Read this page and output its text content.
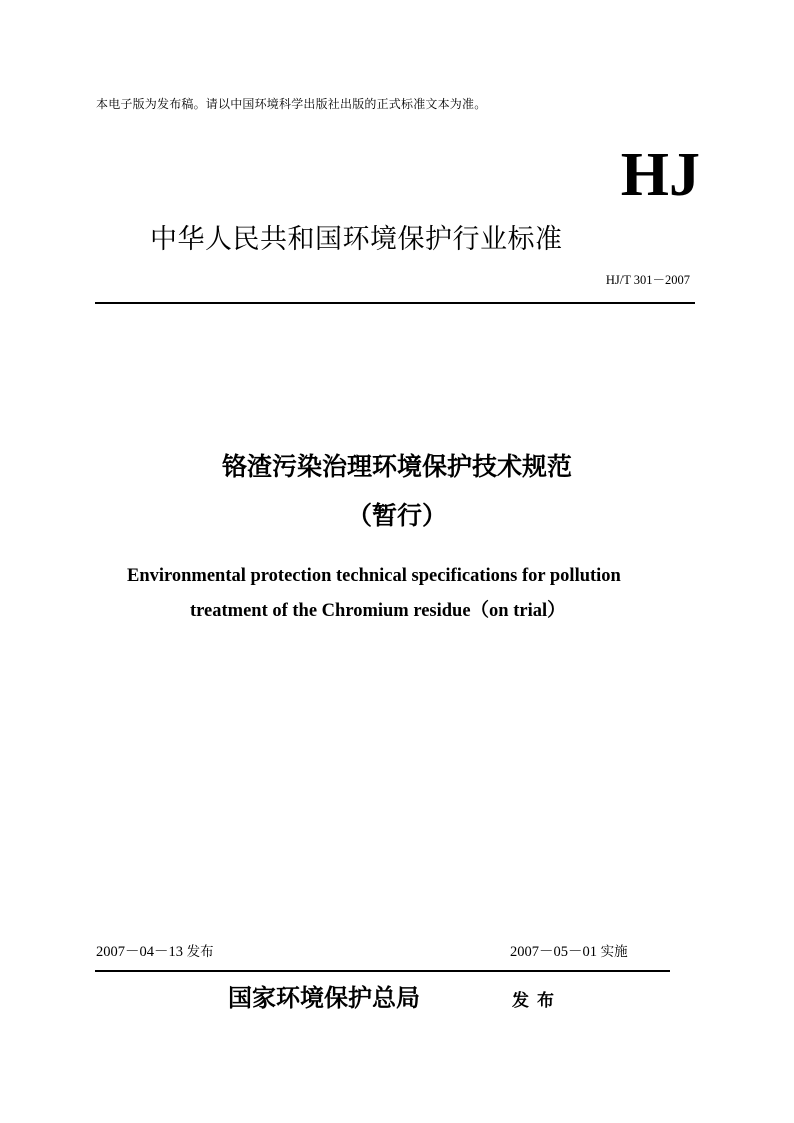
本电子版为发布稿。请以中国环境科学出版社出版的正式标准文本为准。
HJ
中华人民共和国环境保护行业标准
HJ/T 301－2007
铬渣污染治理环境保护技术规范
（暂行）
Environmental protection technical specifications for pollution
treatment of the Chromium residue（on trial）
2007－04－13 发布	2007－05－01 实施
国家环境保护总局	发布
